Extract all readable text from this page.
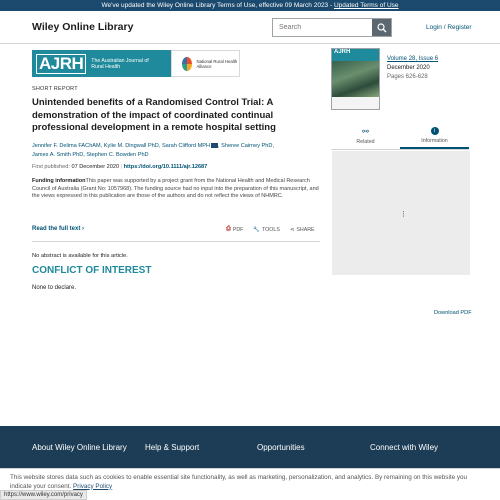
We've updated the Wiley Online Library Terms of Use, effective 09 March 2023 - Updated Terms of Use
Wiley Online Library
Search	Login / Register
AJRH	The Australian Journal of Rural Health
National Rural Health Alliance
SHORT REPORT
Unintended benefits of a Randomised Control Trial: A demonstration of the impact of coordinated continual professional development in a remote hospital setting
Jennifer F. Delima FAChAM, Kylie M. Dingwall PhD, Sarah Clifford MPH , Sheree Cairney PhD,
James A. Smith PhD, Stephen C. Bowden PhD
First published: 07 December 2020 | https://doi.org/10.1111/ajr.12687
Funding informationThis paper was supported by a project grant from the National Health and Medical Research Council of Australia (Grant No: 1057968). The funding source had no input into the preparation of this manuscript, and the views expressed in this publication are those of the authors and do not reflect the views of NHMRC.
Read the full text ›	⎙ PDF 🔧 TOOLS ⋖ SHARE
No abstract is available for this article.
CONFLICT OF INTEREST
None to declare.
AJRH
Volume 28, Issue 6
December 2020
Pages 626-628
⚯
Related
i
Information
⁝
Download PDF
About Wiley Online Library Help & Support	Opportunities	Connect with Wiley
This website stores data such as cookies to enable essential site functionality, as well as marketing, personalization, and analytics. By remaining on this website you indicate your consent. Privacy Policy
https://www.wiley.com/privacy
